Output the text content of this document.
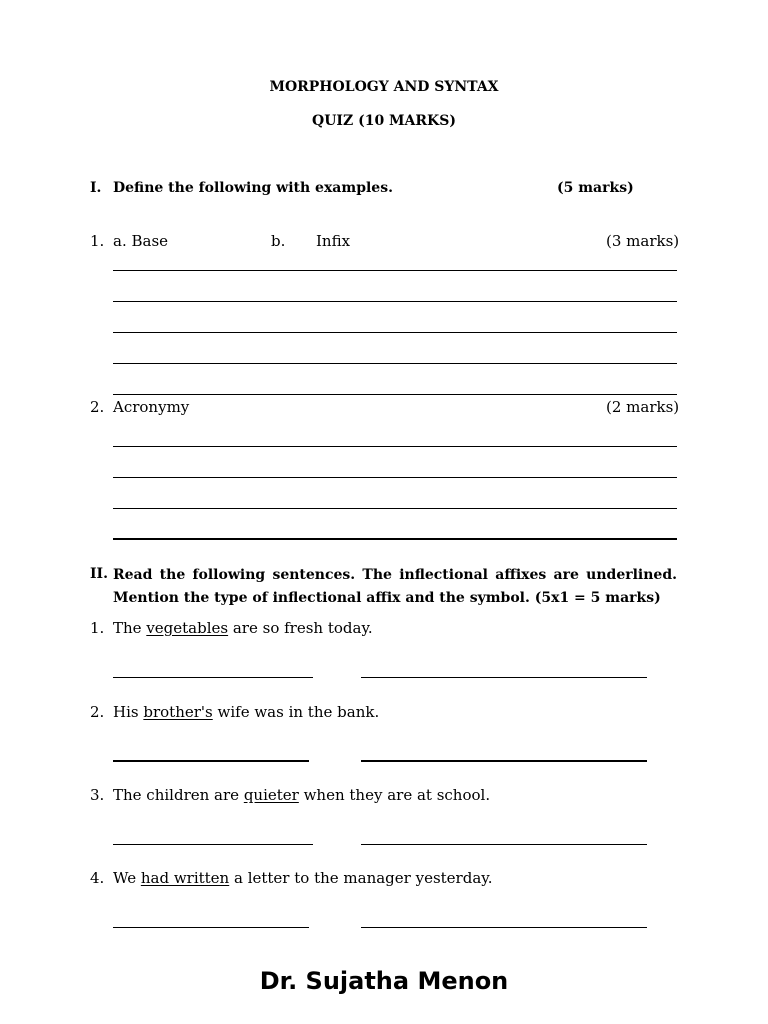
MORPHOLOGY AND SYNTAX
QUIZ (10 MARKS)
I. Define the following with examples.	(5 marks)
1. a. Base	b. Infix	(3 marks)
2. Acronymy	(2 marks)
II. Read the following sentences. The inflectional affixes are underlined. Mention the type of inflectional affix and the symbol. (5x1 = 5 marks)
1. The vegetables are so fresh today.
2. His brother's wife was in the bank.
3. The children are quieter when they are at school.
4. We had written a letter to the manager yesterday.
Dr. Sujatha Menon
